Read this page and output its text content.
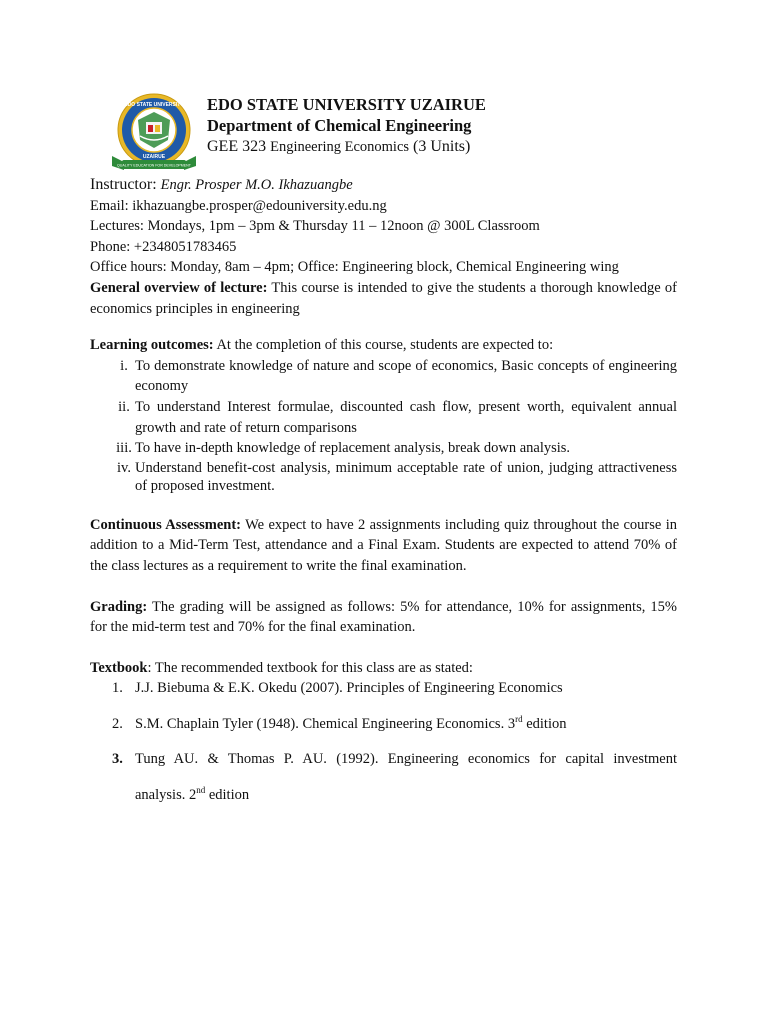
EDO STATE UNIVERSITY
UZAIRUE
QUALITY EDUCATION FOR DEVELOPMENT
EDO STATE UNIVERSITY UZAIRUE
Department of Chemical Engineering
GEE 323 Engineering Economics (3 Units)

Instructor: Engr. Prosper M.O. Ikhazuangbe

Email: ikhazuangbe.prosper@edouniversity.edu.ng

Lectures: Mondays, 1pm – 3pm & Thursday 11 – 12noon @ 300L Classroom

Phone: +2348051783465

Office hours: Monday, 8am – 4pm; Office: Engineering block, Chemical Engineering wing

General overview of lecture: This course is intended to give the students a thorough knowledge of economics principles in engineering

Learning outcomes: At the completion of this course, students are expected to:

i. To demonstrate knowledge of nature and scope of economics, Basic concepts of engineering economy
ii. To understand Interest formulae, discounted cash flow, present worth, equivalent annual growth and rate of return comparisons
iii. To have in-depth knowledge of replacement analysis, break down analysis.
iv. Understand benefit-cost analysis, minimum acceptable rate of union, judging attractiveness of proposed investment.

Continuous Assessment: We expect to have 2 assignments including quiz throughout the course in addition to a Mid-Term Test, attendance and a Final Exam. Students are expected to attend 70% of the class lectures as a requirement to write the final examination.

Grading: The grading will be assigned as follows: 5% for attendance, 10% for assignments, 15% for the mid-term test and 70% for the final examination.

Textbook: The recommended textbook for this class are as stated:

1. J.J. Biebuma & E.K. Okedu (2007). Principles of Engineering Economics
2. S.M. Chaplain Tyler (1948). Chemical Engineering Economics. 3rd edition
3. Tung AU. & Thomas P. AU. (1992). Engineering economics for capital investment
analysis. 2nd edition
